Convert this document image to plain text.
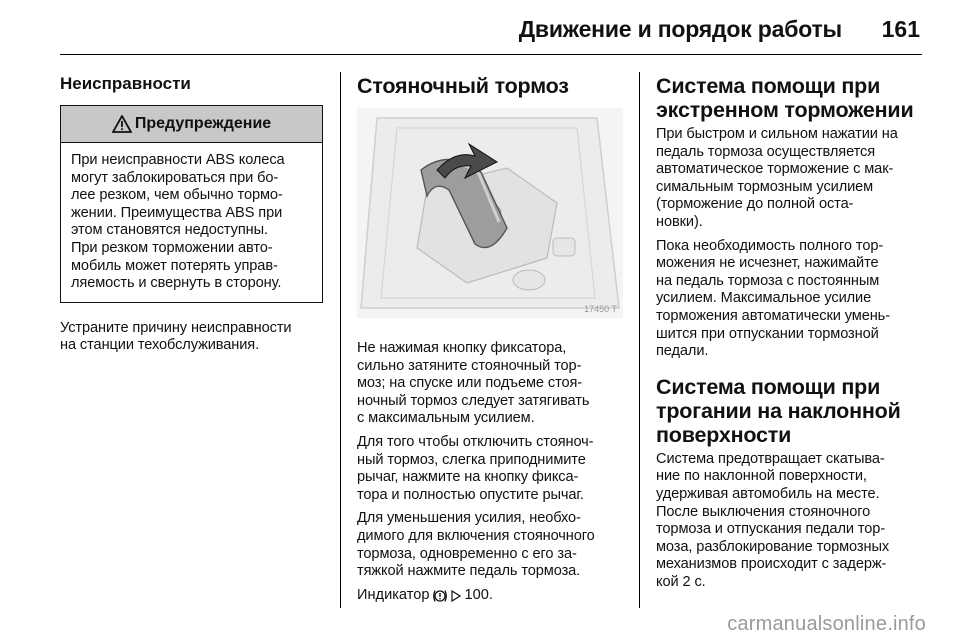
Движение и порядок работы 161
Неисправности
Предупреждение
При неисправности ABS колеса
могут заблокироваться при бо-
лее резком, чем обычно тормо-
жении. Преимущества ABS при
этом становятся недоступны.
При резком торможении авто-
мобиль может потерять управ-
ляемость и свернуть в сторону.
Устраните причину неисправности
на станции техобслуживания.
Стояночный тормоз
17450 T
Не нажимая кнопку фиксатора,
сильно затяните стояночный тор-
моз; на спуске или подъеме стоя-
ночный тормоз следует затягивать
с максимальным усилием.
Для того чтобы отключить стояноч-
ный тормоз, слегка приподнимите
рычаг, нажмите на кнопку фикса-
тора и полностью опустите рычаг.
Для уменьшения усилия, необхо-
димого для включения стояночного
тормоза, одновременно с его за-
тяжкой нажмите педаль тормоза.
Индикатор 100.
Система помощи при экстренном торможении
При быстром и сильном нажатии на
педаль тормоза осуществляется
автоматическое торможение с мак-
симальным тормозным усилием
(торможение до полной оста-
новки).
Пока необходимость полного тор-
можения не исчезнет, нажимайте
на педаль тормоза с постоянным
усилием. Максимальное усилие
торможения автоматически умень-
шится при отпускании тормозной
педали.
Система помощи при трогании на наклонной поверхности
Система предотвращает скатыва-
ние по наклонной поверхности,
удерживая автомобиль на месте.
После выключения стояночного
тормоза и отпускания педали тор-
моза, разблокирование тормозных
механизмов происходит с задерж-
кой 2 с.
carmanualsonline.info
